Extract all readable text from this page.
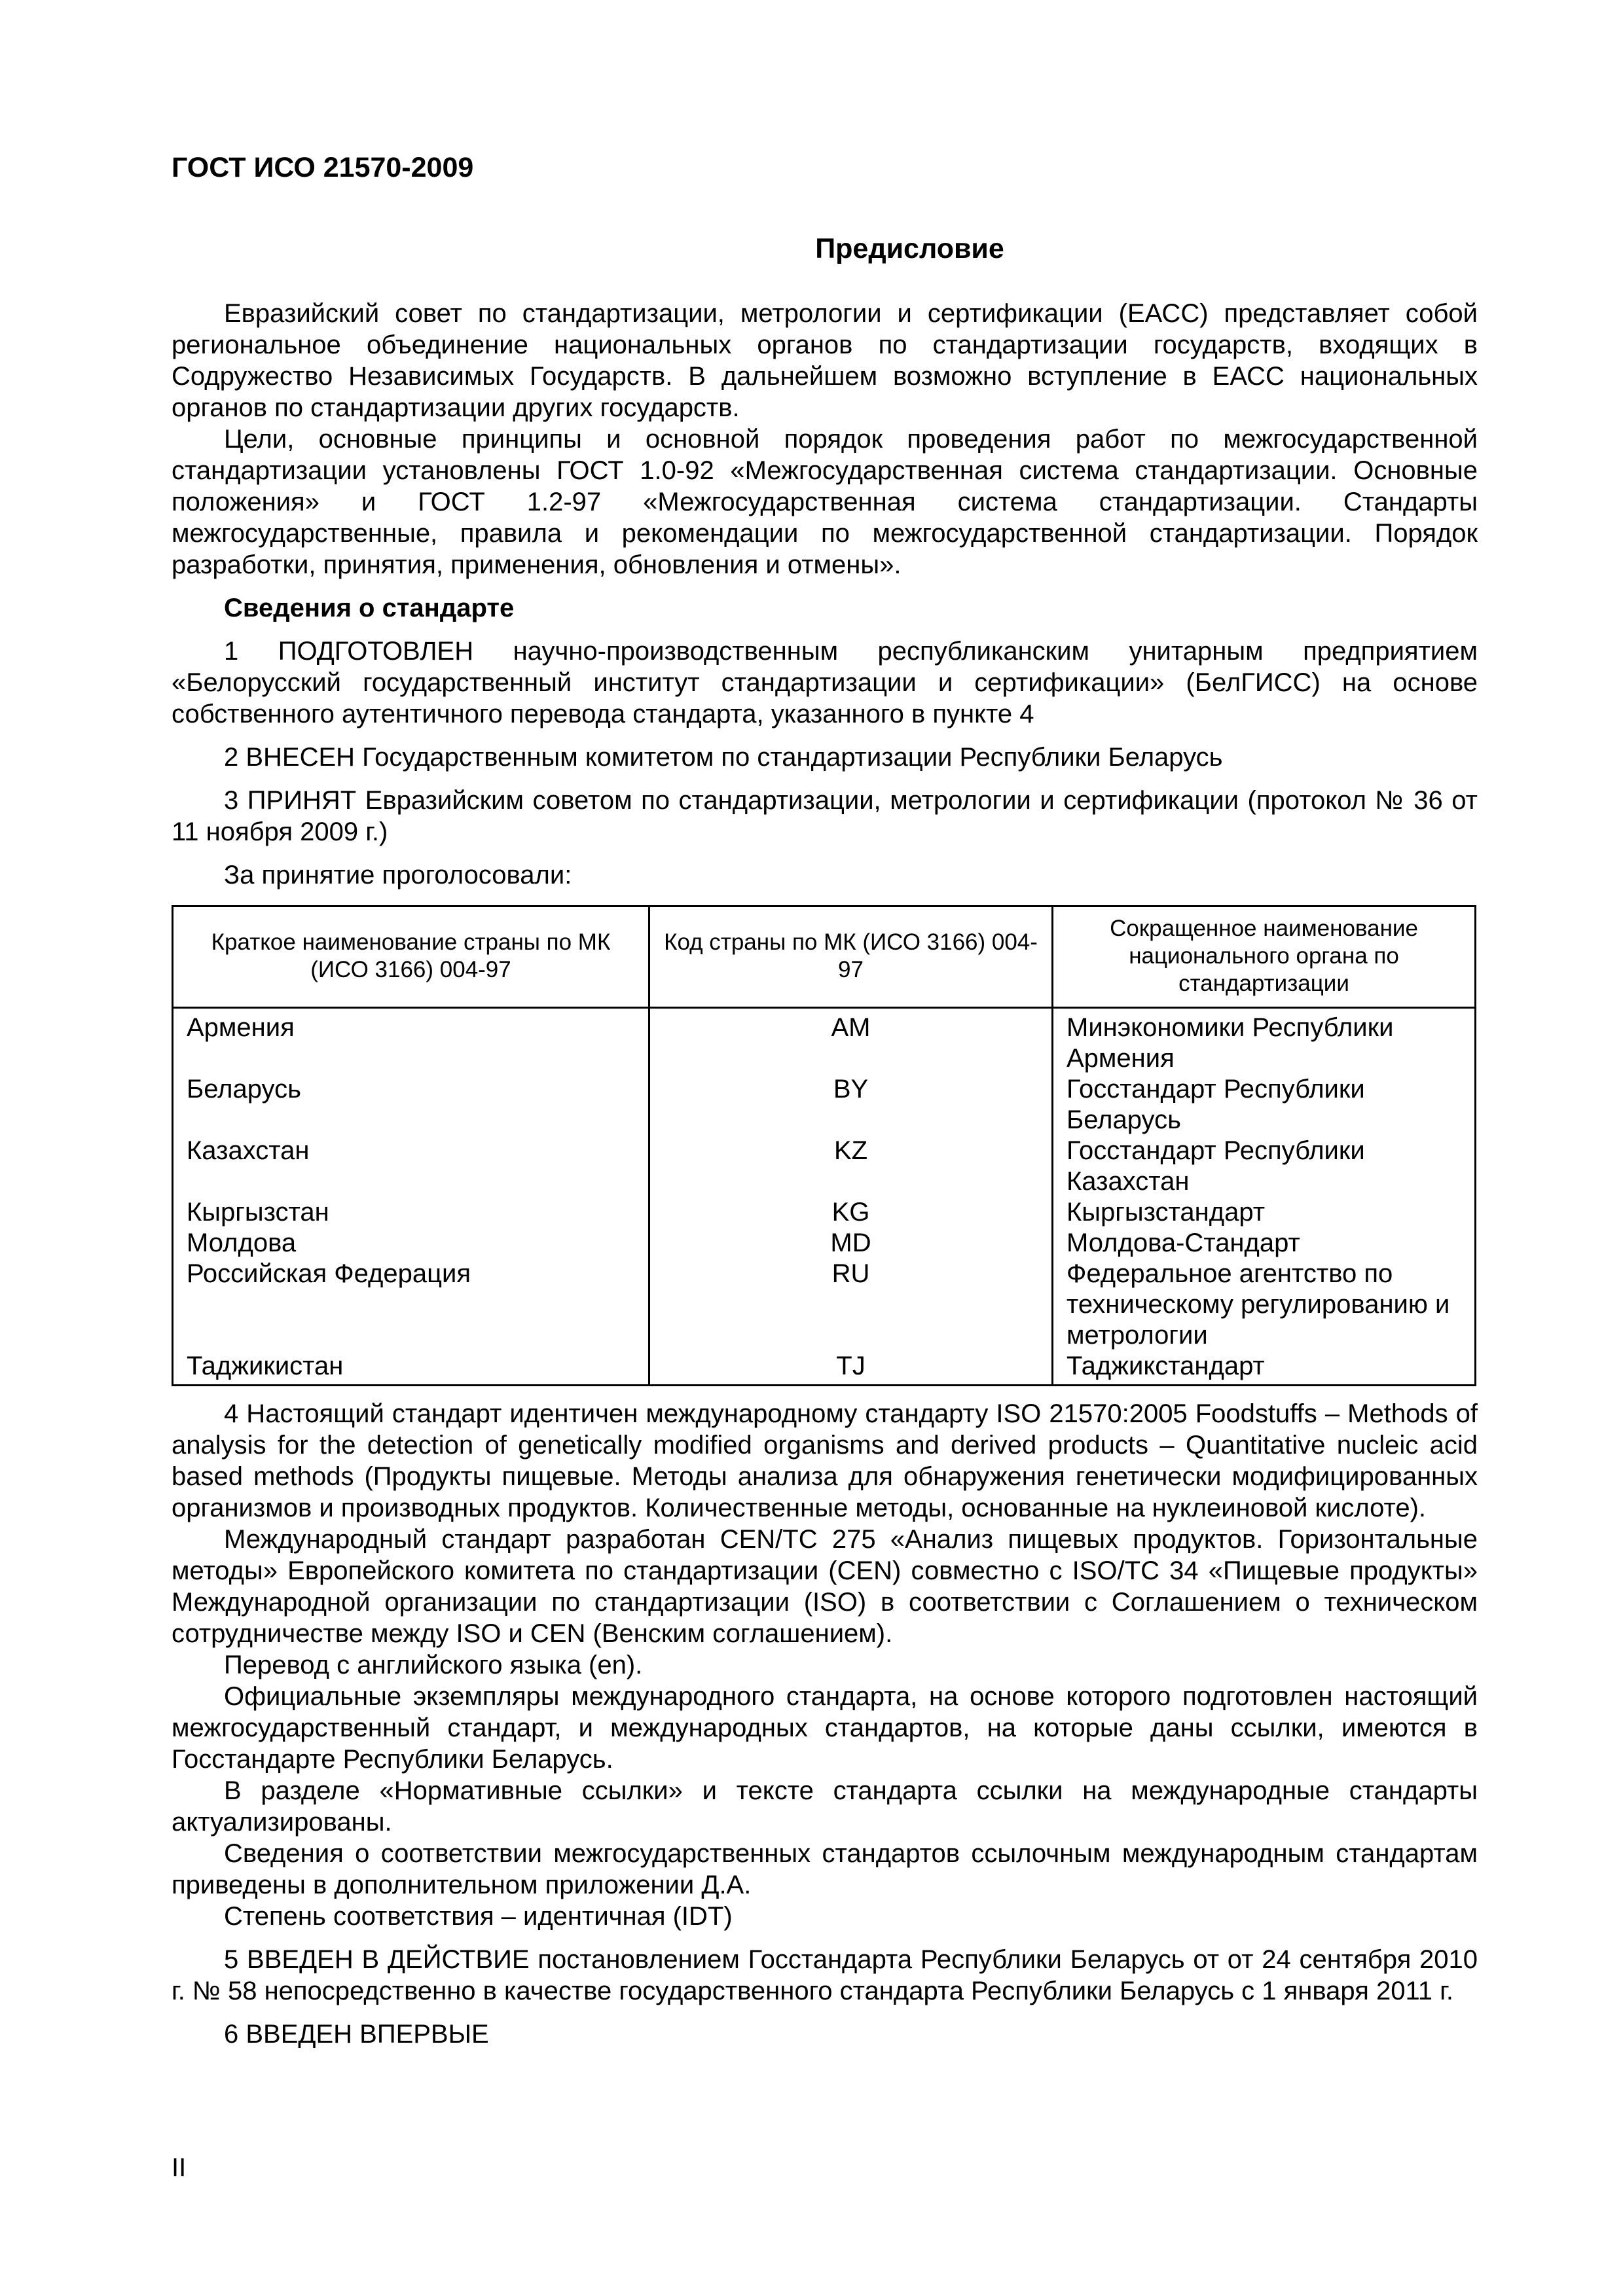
ГОСТ ИСО 21570-2009
Предисловие

Евразийский совет по стандартизации, метрологии и сертификации (ЕАСС) представляет собой региональное объединение национальных органов по стандартизации государств, входящих в Содружество Независимых Государств. В дальнейшем возможно вступление в ЕАСС национальных органов по стандартизации других государств.

Цели, основные принципы и основной порядок проведения работ по межгосударственной стандартизации установлены ГОСТ 1.0-92 «Межгосударственная система стандартизации. Основные положения» и ГОСТ 1.2-97 «Межгосударственная система стандартизации. Стандарты межгосударственные, правила и рекомендации по межгосударственной стандартизации. Порядок разработки, принятия, применения, обновления и отмены».

Сведения о стандарте

1 ПОДГОТОВЛЕН научно-производственным республиканским унитарным предприятием «Белорусский государственный институт стандартизации и сертификации» (БелГИСС) на основе собственного аутентичного перевода стандарта, указанного в пункте 4

2 ВНЕСЕН Государственным комитетом по стандартизации Республики Беларусь

3 ПРИНЯТ Евразийским советом по стандартизации, метрологии и сертификации (протокол № 36 от 11 ноября 2009 г.)

За принятие проголосовали:

Краткое наименование страны по МК (ИСО 3166) 004-97	Код страны по МК (ИСО 3166) 004-97	Сокращенное наименование национального органа по стандартизации
Армения	AM	Минэкономики Республики Армения
Беларусь	BY	Госстандарт Республики Беларусь
Казахстан	KZ	Госстандарт Республики Казахстан
Кыргызстан	KG	Кыргызстандарт
Молдова	MD	Молдова-Стандарт
Российская Федерация	RU	Федеральное агентство по техническому регулированию и метрологии
Таджикистан	TJ	Таджикстандарт

4 Настоящий стандарт идентичен международному стандарту ISO 21570:2005 Foodstuffs – Methods of analysis for the detection of genetically modified organisms and derived products – Quantitative nucleic acid based methods (Продукты пищевые. Методы анализа для обнаружения генетически модифицированных организмов и производных продуктов. Количественные методы, основанные на нуклеиновой кислоте).

Международный стандарт разработан CEN/TC 275 «Анализ пищевых продуктов. Горизонтальные методы» Европейского комитета по стандартизации (CEN) совместно с ISO/TC 34 «Пищевые продукты» Международной организации по стандартизации (ISO) в соответствии с Соглашением о техническом сотрудничестве между ISO и CEN (Венским соглашением).

Перевод с английского языка (en).

Официальные экземпляры международного стандарта, на основе которого подготовлен настоящий межгосударственный стандарт, и международных стандартов, на которые даны ссылки, имеются в Госстандарте Республики Беларусь.

В разделе «Нормативные ссылки» и тексте стандарта ссылки на международные стандарты актуализированы.

Сведения о соответствии межгосударственных стандартов ссылочным международным стандартам приведены в дополнительном приложении Д.А.

Степень соответствия – идентичная (IDT)

5 ВВЕДЕН В ДЕЙСТВИЕ постановлением Госстандарта Республики Беларусь от от 24 сентября 2010 г. № 58 непосредственно в качестве государственного стандарта Республики Беларусь с 1 января 2011 г.

6 ВВЕДЕН ВПЕРВЫЕ

II
